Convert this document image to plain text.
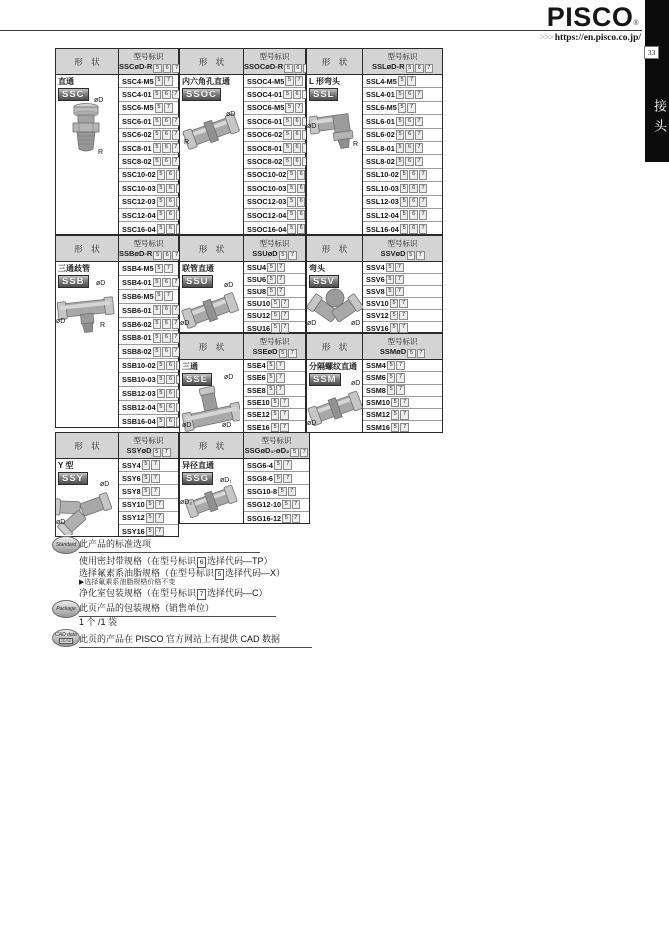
PISCO®
>>> https://en.pisco.co.jp/
33
接头
形　状
型号标识
SSCøD-R 5 6 7
直通
SSC
øD
R
SSC4-M5 5	7
SSC4-01 5	6	7
SSC6-M5 5	7
SSC6-01 5	6	7
SSC6-02 5	6	7
SSC8-01 5	6	7
SSC8-02 5	6	7
SSC10-02 5	6
SSC10-03 5	6
SSC12-03 5	6
SSC12-04 5	6
SSC16-04 5	6
形　状
型号标识
SSOCøD-R 5 6
内六角孔直通
SSOC
øD
R
SSOC4-M5 5	7
SSOC4-01 5	6
SSOC6-M5 5	7
SSOC6-01 5	6
SSOC6-02 5	6
SSOC8-01 5	6
SSOC8-02 5	6
SSOC10-02 5	6
SSOC10-03 5	6
SSOC12-03 5	6
SSOC12-04 5	6
SSOC16-04 5	6
形　状
型号标识
SSLøD-R 5 6 7
L 形弯头
SSL
øD
R
SSL4-M5 5	7
SSL4-01 5	6	7
SSL6-M5 5	7
SSL6-01 5	6	7
SSL6-02 5	6	7
SSL8-01 5	6	7
SSL8-02 5	6	7
SSL10-02 5	6	7
SSL10-03 5	6	7
SSL12-03 5	6	7
SSL12-04 5	6	7
SSL16-04 5	6	7
形　状
型号标识
SSBøD-R 5 6 7
三通歧管
SSB	øD
øD
R
SSB4-M5 5	7
SSB4-01 5	6	7
SSB6-M5 5	7
SSB6-01 5	6	7
SSB6-02 5	6	7
SSB8-01 5	6	7
SSB8-02 5	6	7
SSB10-02 5	6
SSB10-03 5	6
SSB12-03 5	6
SSB12-04 5	6
SSB16-04 5	6
形　状
型号标识
SSUøD 5 7
联管直通
SSU	øD
øD
SSU4 5	7
SSU6 5	7
SSU8 5	7
SSU10 5	7
SSU12 5	7
SSU16 5	7
形　状
型号标识
SSEøD 5 7
三通
SSE	øD
øD	øD
SSE4 5	7
SSE6 5	7
SSE8 5	7
SSE10 5	7
SSE12 5	7
SSE16 5	7
形　状
型号标识
SSVøD 5 7
弯头
SSV
øD	øD
SSV4 5	7
SSV6 5	7
SSV8 5	7
SSV10 5	7
SSV12 5	7
SSV16 5	7
形　状
型号标识
SSMøD 5 7
分隔螺纹直通
SSM	øD
øD
SSM4 5	7
SSM6 5	7
SSM8 5	7
SSM10 5	7
SSM12 5	7
SSM16 5	7
形　状
型号标识
SSYøD 5 7
Y 型
SSY
øD
øD
SSY4 5	7
SSY6 5	7
SSY8 5	7
SSY10 5	7
SSY12 5	7
SSY16 5	7
形　状
型号标识
SSGøD₁-øD₂ 5 7
异径直通
SSG	øD₁
øD₂
SSG6-4 5	7
SSG8-6 5	7
SSG10-8 5	7
SSG12-10 5	7
SSG16-12 5	7
Standard 此产品的标准选项
使用密封带规格（在型号标识 6 选择代码—TP）
选择氟素系油脂规格（在型号标识 5 选择代码—X）
▶选择氟素系油脂规格价格不变
净化室包装规格（在型号标识 7 选择代码—C）
Package 此页产品的包装规格（销售单位）
1 个 /1 袋
CAD data
2D/3D 此页的产品在 PISCO 官方网站上有提供 CAD 数据
